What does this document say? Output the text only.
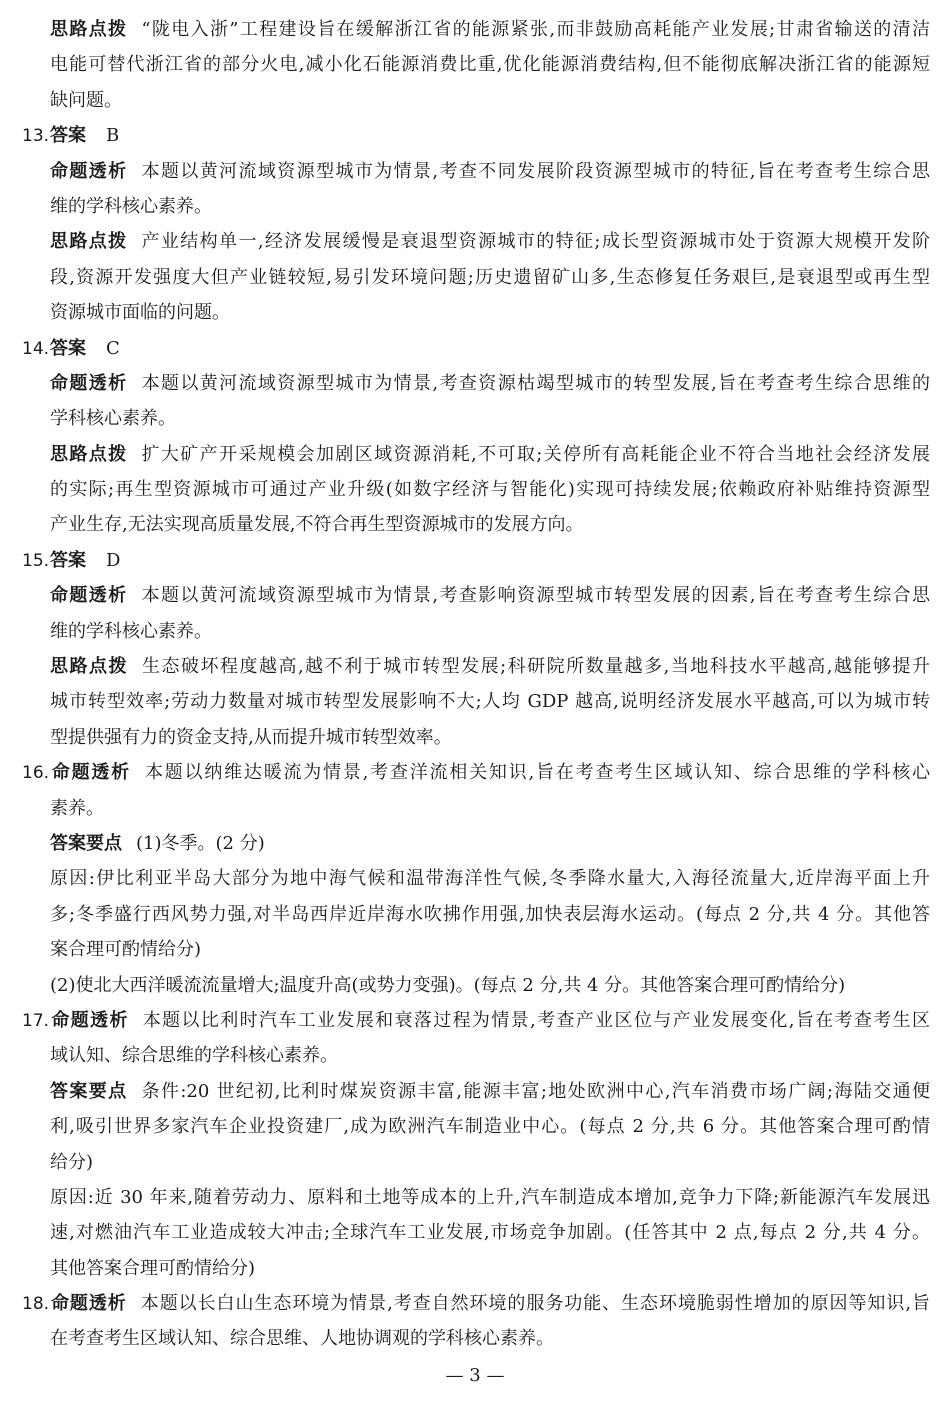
思路点拨 “陇电入浙”工程建设旨在缓解浙江省的能源紧张,而非鼓励高耗能产业发展;甘肃省输送的清洁
电能可替代浙江省的部分火电,减小化石能源消费比重,优化能源消费结构,但不能彻底解决浙江省的能源短
缺问题。
13.答案 B
命题透析 本题以黄河流域资源型城市为情景,考查不同发展阶段资源型城市的特征,旨在考查考生综合思
维的学科核心素养。
思路点拨 产业结构单一,经济发展缓慢是衰退型资源城市的特征;成长型资源城市处于资源大规模开发阶
段,资源开发强度大但产业链较短,易引发环境问题;历史遗留矿山多,生态修复任务艰巨,是衰退型或再生型
资源城市面临的问题。
14.答案 C
命题透析 本题以黄河流域资源型城市为情景,考查资源枯竭型城市的转型发展,旨在考查考生综合思维的
学科核心素养。
思路点拨 扩大矿产开采规模会加剧区域资源消耗,不可取;关停所有高耗能企业不符合当地社会经济发展
的实际;再生型资源城市可通过产业升级(如数字经济与智能化)实现可持续发展;依赖政府补贴维持资源型
产业生存,无法实现高质量发展,不符合再生型资源城市的发展方向。
15.答案 D
命题透析 本题以黄河流域资源型城市为情景,考查影响资源型城市转型发展的因素,旨在考查考生综合思
维的学科核心素养。
思路点拨 生态破坏程度越高,越不利于城市转型发展;科研院所数量越多,当地科技水平越高,越能够提升
城市转型效率;劳动力数量对城市转型发展影响不大;人均 GDP 越高,说明经济发展水平越高,可以为城市转
型提供强有力的资金支持,从而提升城市转型效率。
16.命题透析 本题以纳维达暖流为情景,考查洋流相关知识,旨在考查考生区域认知、综合思维的学科核心
素养。
答案要点 (1)冬季。(2 分)
原因:伊比利亚半岛大部分为地中海气候和温带海洋性气候,冬季降水量大,入海径流量大,近岸海平面上升
多;冬季盛行西风势力强,对半岛西岸近岸海水吹拂作用强,加快表层海水运动。(每点 2 分,共 4 分。其他答
案合理可酌情给分)
(2)使北大西洋暖流流量增大;温度升高(或势力变强)。(每点 2 分,共 4 分。其他答案合理可酌情给分)
17.命题透析 本题以比利时汽车工业发展和衰落过程为情景,考查产业区位与产业发展变化,旨在考查考生区
域认知、综合思维的学科核心素养。
答案要点 条件:20 世纪初,比利时煤炭资源丰富,能源丰富;地处欧洲中心,汽车消费市场广阔;海陆交通便
利,吸引世界多家汽车企业投资建厂,成为欧洲汽车制造业中心。(每点 2 分,共 6 分。其他答案合理可酌情
给分)
原因:近 30 年来,随着劳动力、原料和土地等成本的上升,汽车制造成本增加,竞争力下降;新能源汽车发展迅
速,对燃油汽车工业造成较大冲击;全球汽车工业发展,市场竞争加剧。(任答其中 2 点,每点 2 分,共 4 分。
其他答案合理可酌情给分)
18.命题透析 本题以长白山生态环境为情景,考查自然环境的服务功能、生态环境脆弱性增加的原因等知识,旨
在考查考生区域认知、综合思维、人地协调观的学科核心素养。
— 3 —
